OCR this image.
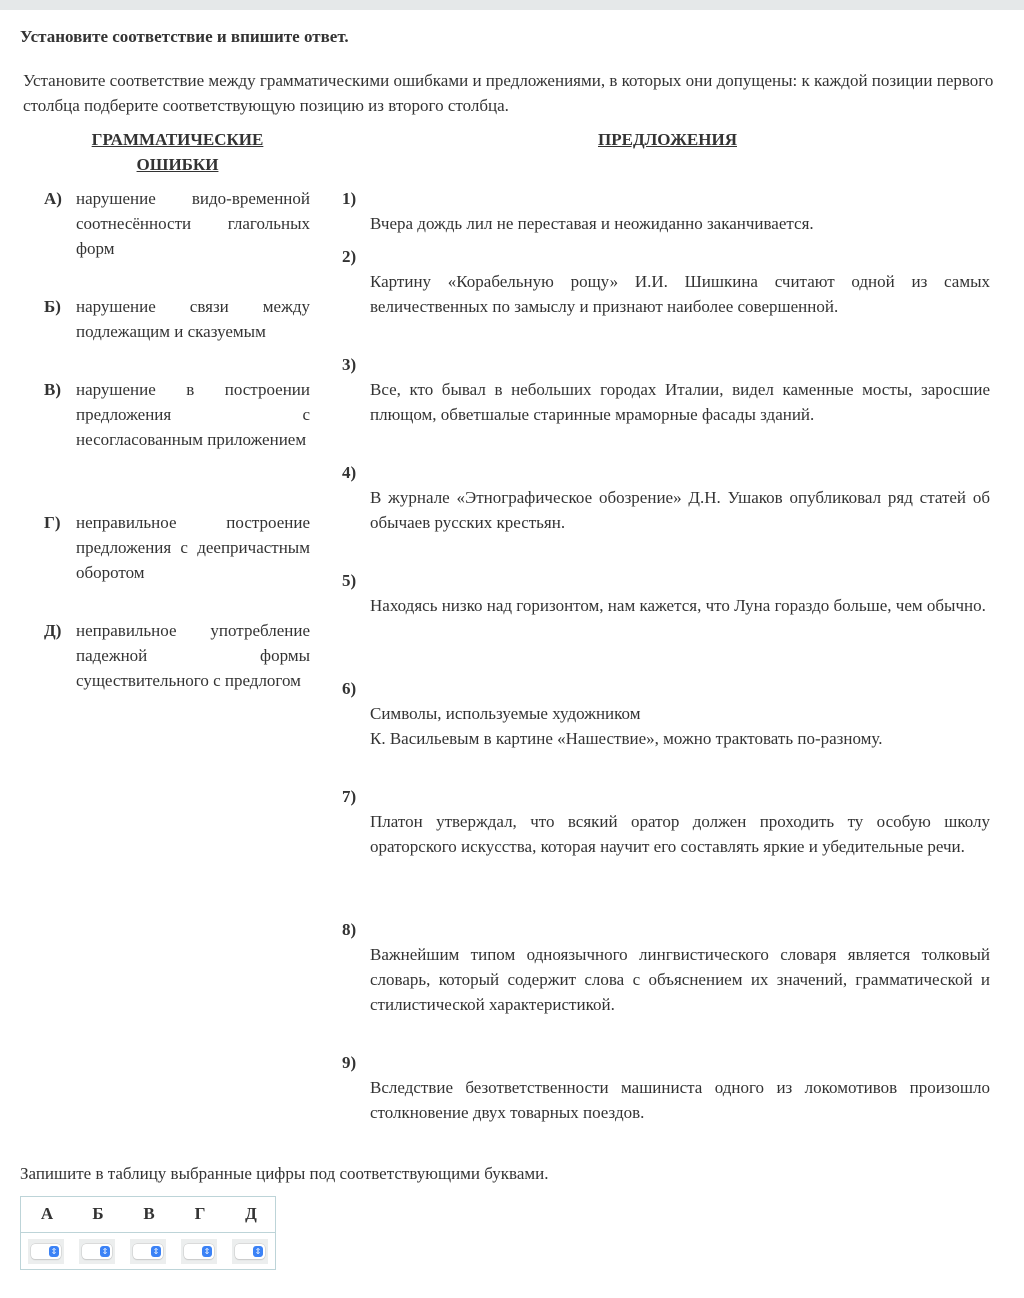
Установите соответствие и впишите ответ.
Установите соответствие между грамматическими ошибками и предложениями, в которых они допущены: к каждой позиции первого столбца подберите соответствующую позицию из второго столбца.
ГРАММАТИЧЕСКИЕ
ОШИБКИ
ПРЕДЛОЖЕНИЯ
А) нарушение видо-временной соотнесённости глагольных форм
Б) нарушение связи между подлежащим и сказуемым
В) нарушение в построении предложения с несогласованным приложением
Г) неправильное построение предложения с деепричастным оборотом
Д) неправильное употребление падежной формы существительного с предлогом
1)
Вчера дождь лил не переставая и неожиданно заканчивается.
2)
Картину «Корабельную рощу» И.И. Шишкина считают одной из самых величественных по замыслу и признают наиболее совершенной.
3)
Все, кто бывал в небольших городах Италии, видел каменные мосты, заросшие плющом, обветшалые старинные мраморные фасады зданий.
4)
В журнале «Этнографическое обозрение» Д.Н. Ушаков опубликовал ряд статей об обычаев русских крестьян.
5)
Находясь низко над горизонтом, нам кажется, что Луна гораздо больше, чем обычно.
6)
Символы, используемые художником
К. Васильевым в картине «Нашествие», можно трактовать по-разному.
7)
Платон утверждал, что всякий оратор должен проходить ту особую школу ораторского искусства, которая научит его составлять яркие и убедительные речи.
8)
Важнейшим типом одноязычного лингвистического словаря является толковый словарь, который содержит слова с объяснением их значений, грамматической и стилистической характеристикой.
9)
Вследствие безответственности машиниста одного из локомотивов произошло столкновение двух товарных поездов.
Запишите в таблицу выбранные цифры под соответствующими буквами.
А	Б	В	Г	Д
⇕	⇕	⇕	⇕	⇕
